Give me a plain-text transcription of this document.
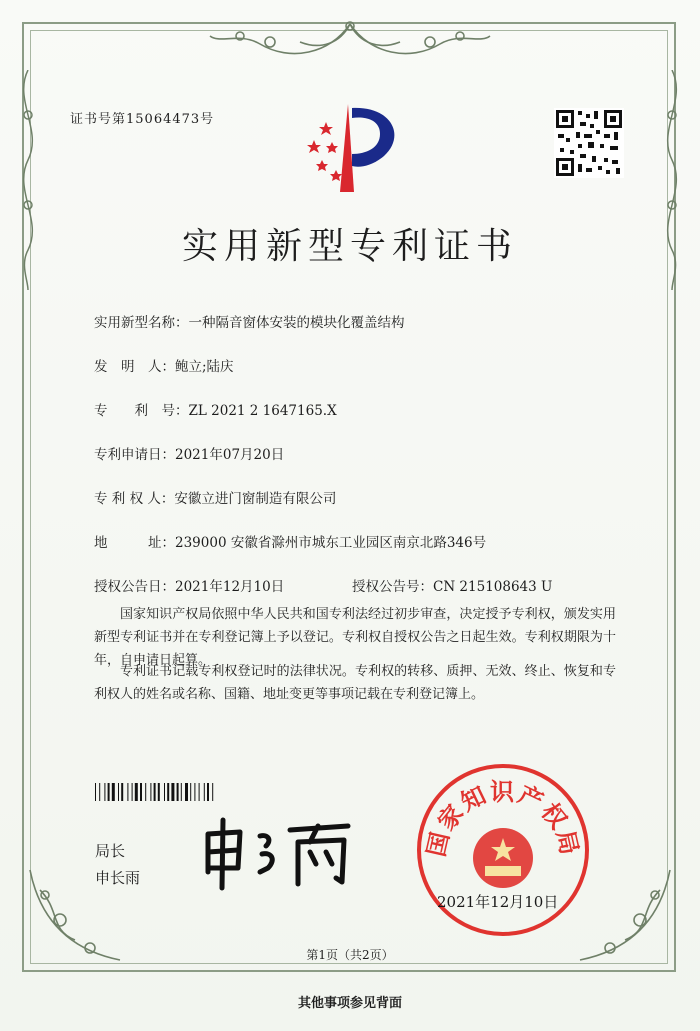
证书号第15064473号
实用新型专利证书
实用新型名称：一种隔音窗体安装的模块化覆盖结构
发　明　人：鲍立;陆庆
专　　利　号：ZL 2021 2 1647165.X
专利申请日：2021年07月20日
专 利 权 人：安徽立进门窗制造有限公司
地　　　址：239000 安徽省滁州市城东工业园区南京北路346号
授权公告日：2021年12月10日	授权公告号：CN 215108643 U
国家知识产权局依照中华人民共和国专利法经过初步审查，决定授予专利权，颁发实用新型专利证书并在专利登记簿上予以登记。专利权自授权公告之日起生效。专利权期限为十年，自申请日起算。
专利证书记载专利权登记时的法律状况。专利权的转移、质押、无效、终止、恢复和专利权人的姓名或名称、国籍、地址变更等事项记载在专利登记簿上。
局长
申长雨
国家知识产权局
2021年12月10日
第1页（共2页）
其他事项参见背面
